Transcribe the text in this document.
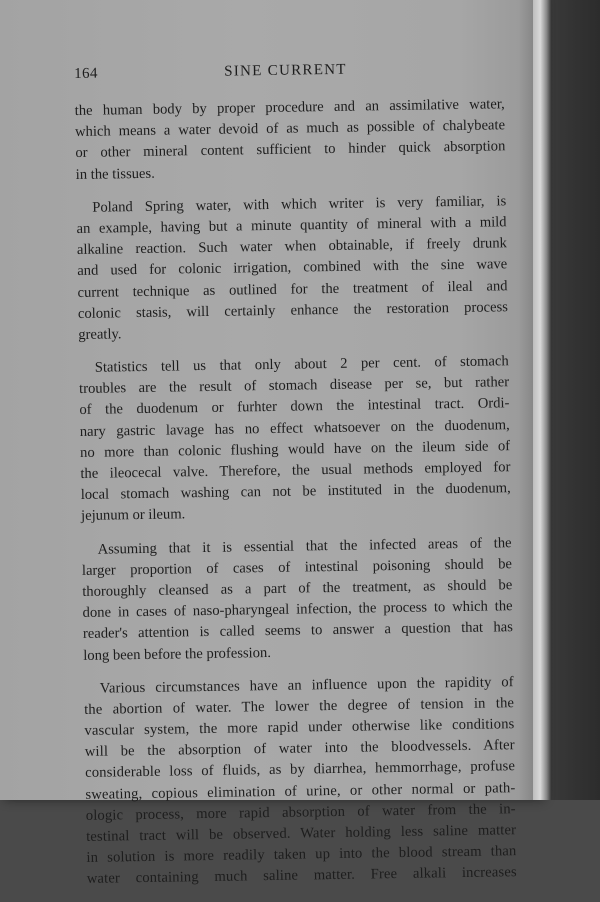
164	SINE CURRENT
the human body by proper procedure and an assimilative water,
which means a water devoid of as much as possible of chalybeate
or other mineral content sufficient to hinder quick absorption
in the tissues.
Poland Spring water, with which writer is very familiar, is
an example, having but a minute quantity of mineral with a mild
alkaline reaction. Such water when obtainable, if freely drunk
and used for colonic irrigation, combined with the sine wave
current technique as outlined for the treatment of ileal and
colonic stasis, will certainly enhance the restoration process
greatly.
Statistics tell us that only about 2 per cent. of stomach
troubles are the result of stomach disease per se, but rather
of the duodenum or furhter down the intestinal tract. Ordi-
nary gastric lavage has no effect whatsoever on the duodenum,
no more than colonic flushing would have on the ileum side of
the ileocecal valve. Therefore, the usual methods employed for
local stomach washing can not be instituted in the duodenum,
jejunum or ileum.
Assuming that it is essential that the infected areas of the
larger proportion of cases of intestinal poisoning should be
thoroughly cleansed as a part of the treatment, as should be
done in cases of naso-pharyngeal infection, the process to which the
reader's attention is called seems to answer a question that has
long been before the profession.
Various circumstances have an influence upon the rapidity of
the abortion of water. The lower the degree of tension in the
vascular system, the more rapid under otherwise like conditions
will be the absorption of water into the bloodvessels. After
considerable loss of fluids, as by diarrhea, hemmorrhage, profuse
sweating, copious elimination of urine, or other normal or path-
ologic process, more rapid absorption of water from the in-
testinal tract will be observed. Water holding less saline matter
in solution is more readily taken up into the blood stream than
water containing much saline matter. Free alkali increases
